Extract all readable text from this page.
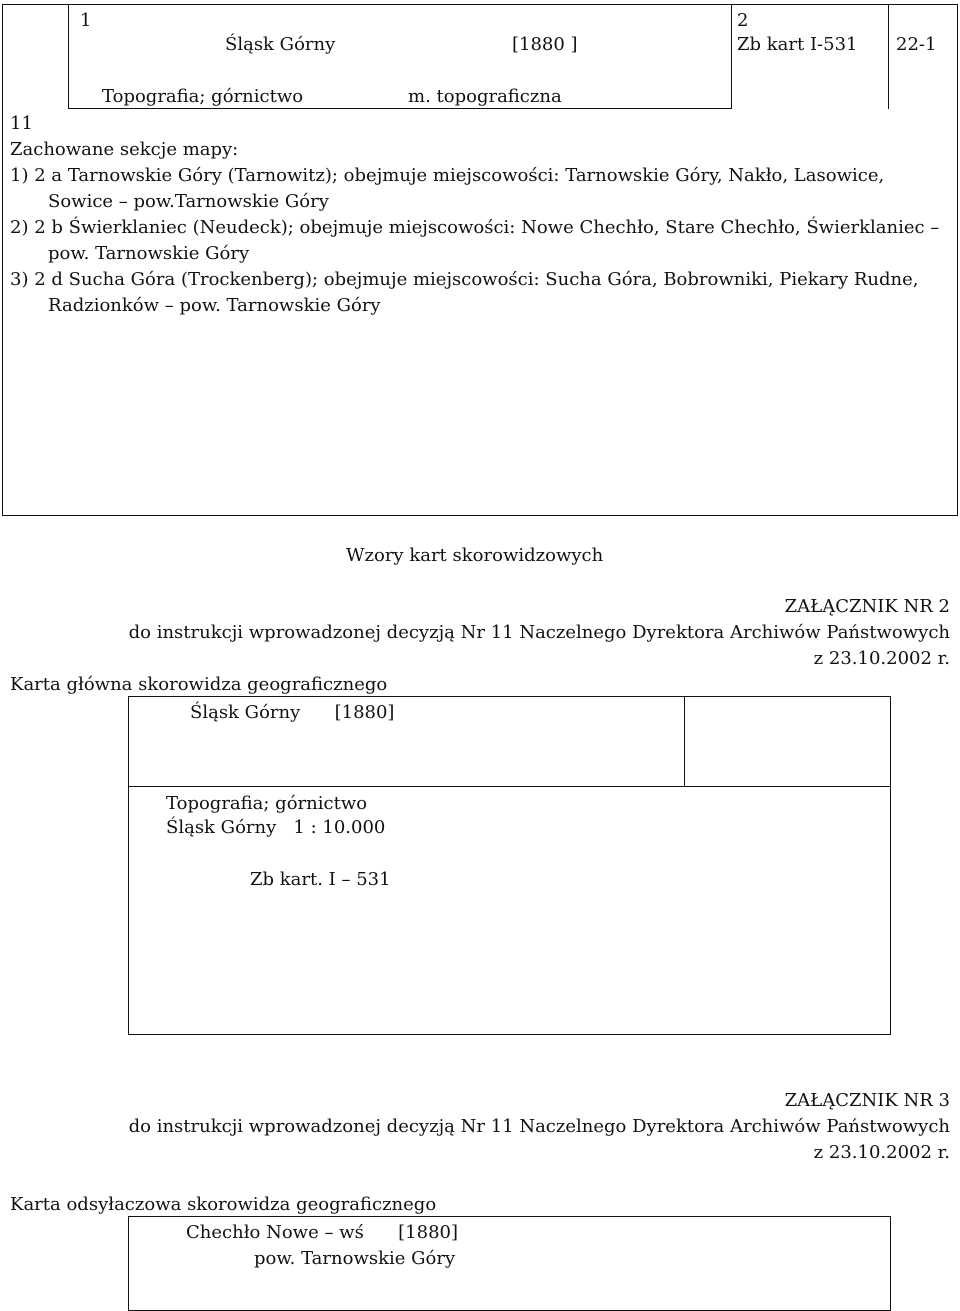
1
Śląsk Górny	[1880 ]
Topografia; górnictwo	m. topograficzna
2
Zb kart I-531 22-1
11
Zachowane sekcje mapy:
1) 2 a Tarnowskie Góry (Tarnowitz); obejmuje miejscowości: Tarnowskie Góry, Nakło, Lasowice,
Sowice – pow.Tarnowskie Góry
2) 2 b Świerklaniec (Neudeck); obejmuje miejscowości: Nowe Chechło, Stare Chechło, Świerklaniec –
pow. Tarnowskie Góry
3) 2 d Sucha Góra (Trockenberg); obejmuje miejscowości: Sucha Góra, Bobrowniki, Piekary Rudne,
Radzionków – pow. Tarnowskie Góry
Wzory kart skorowidzowych
ZAŁĄCZNIK NR 2
do instrukcji wprowadzonej decyzją Nr 11 Naczelnego Dyrektora Archiwów Państwowych
z 23.10.2002 r.
Karta główna skorowidza geograficznego
Śląsk Górny      [1880]
Topografia; górnictwo
Śląsk Górny   1 : 10.000
Zb kart. I – 531
ZAŁĄCZNIK NR 3
do instrukcji wprowadzonej decyzją Nr 11 Naczelnego Dyrektora Archiwów Państwowych
z 23.10.2002 r.
Karta odsyłaczowa skorowidza geograficznego
Chechło Nowe – wś      [1880]
pow. Tarnowskie Góry
